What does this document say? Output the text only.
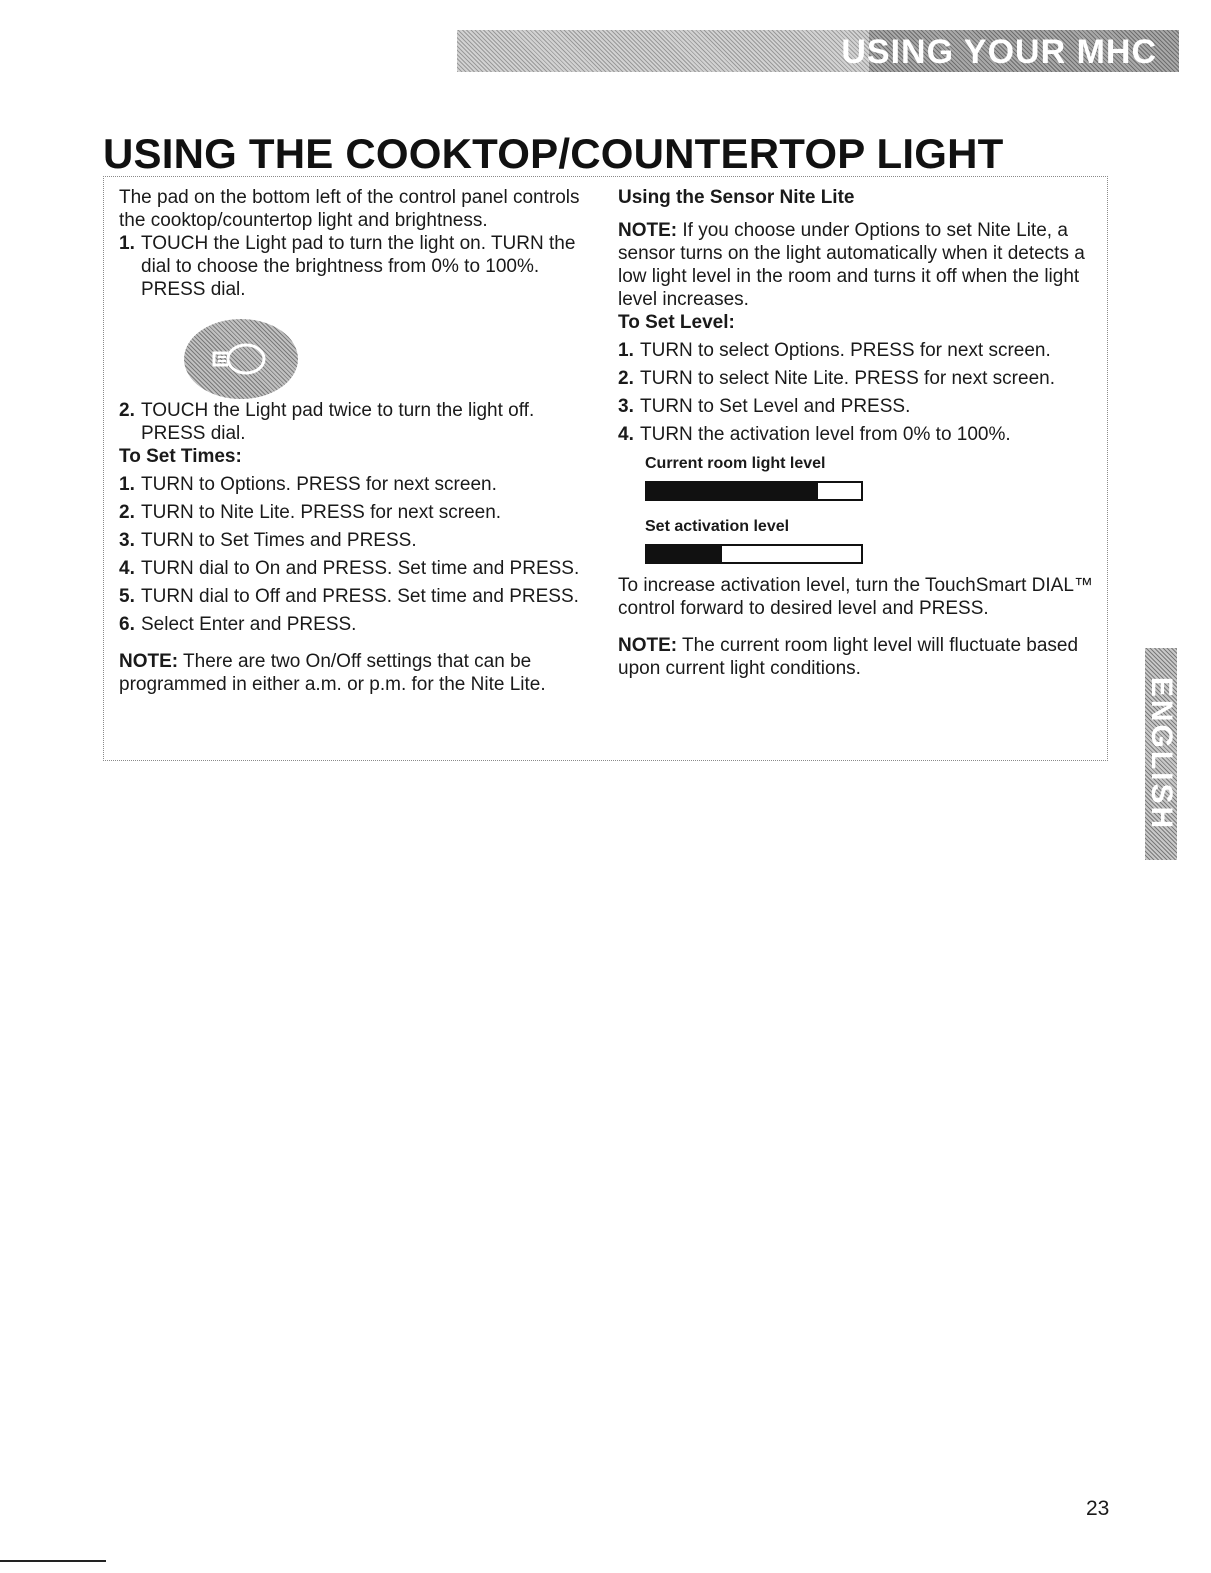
USING YOUR MHC
USING THE COOKTOP/COUNTERTOP LIGHT

The pad on the bottom left of the control panel controls the cooktop/countertop light and brightness.

1. TOUCH the Light pad to turn the light on. TURN the dial to choose the brightness from 0% to 100%. PRESS dial.
2. TOUCH the Light pad twice to turn the light off. PRESS dial.

To Set Times:

1. TURN to Options. PRESS for next screen.
2. TURN to Nite Lite. PRESS for next screen.
3. TURN to Set Times and PRESS.
4. TURN dial to On and PRESS. Set time and PRESS.
5. TURN dial to Off and PRESS. Set time and PRESS.
6. Select Enter and PRESS.

NOTE: There are two On/Off settings that can be programmed in either a.m. or p.m. for the Nite Lite.

Using the Sensor Nite Lite

NOTE: If you choose under Options to set Nite Lite, a sensor turns on the light automatically when it detects a low light level in the room and turns it off when the light level increases.

To Set Level:

1. TURN to select Options. PRESS for next screen.
2. TURN to select Nite Lite. PRESS for next screen.
3. TURN to Set Level and PRESS.
4. TURN the activation level from 0% to 100%.

Current room light level

Set activation level

To increase activation level, turn the TouchSmart DIAL™ control forward to desired level and PRESS.

NOTE: The current room light level will fluctuate based upon current light conditions.

ENGLISH
23
